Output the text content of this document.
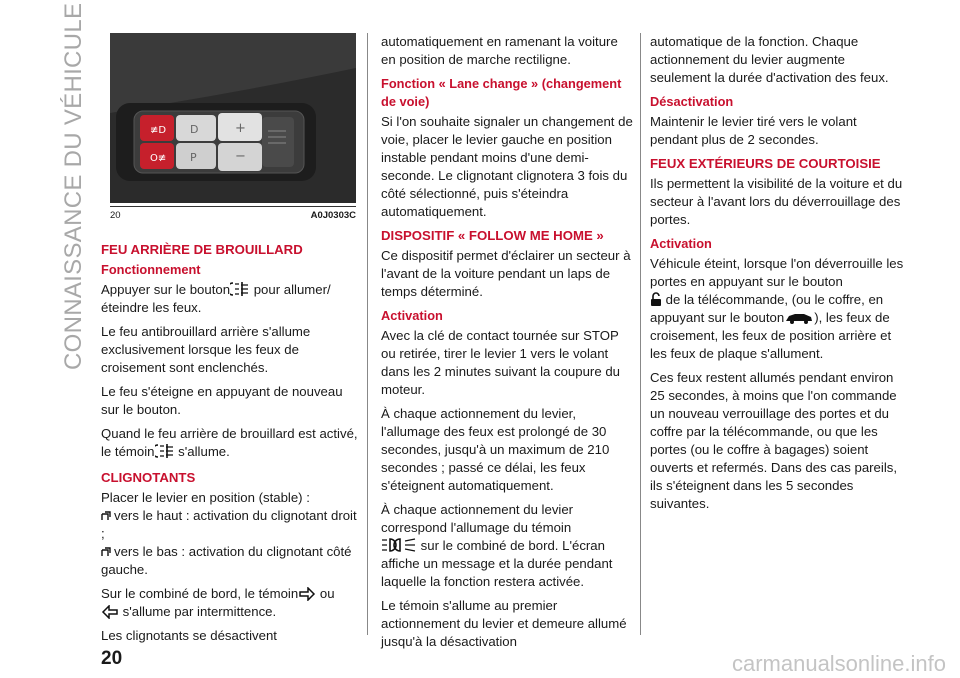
CONNAISSANCE DU VÉHICULE	≢D
O≢
D
P
+
−
20	A0J0303C
FEU ARRIÈRE DE BROUILLARD
Fonctionnement

Appuyer sur le bouton pour allumer/éteindre les feux.

Le feu antibrouillard arrière s'allume exclusivement lorsque les feux de croisement sont enclenchés.

Le feu s'éteigne en appuyant de nouveau sur le bouton.

Quand le feu arrière de brouillard est activé, le témoin s'allume.

CLIGNOTANTS

Placer le levier en position (stable) :

vers le haut : activation du clignotant droit ;

vers le bas : activation du clignotant côté gauche.

Sur le combiné de bord, le témoin ou
s'allume par intermittence.

Les clignotants se désactivent

automatiquement en ramenant la voiture en position de marche rectiligne.

Fonction « Lane change » (changement de voie)

Si l'on souhaite signaler un changement de voie, placer le levier gauche en position instable pendant moins d'une demi-seconde. Le clignotant clignotera 3 fois du côté sélectionné, puis s'éteindra automatiquement.

DISPOSITIF « FOLLOW ME HOME »

Ce dispositif permet d'éclairer un secteur à l'avant de la voiture pendant un laps de temps déterminé.

Activation

Avec la clé de contact tournée sur STOP ou retirée, tirer le levier 1 vers le volant dans les 2 minutes suivant la coupure du moteur.

À chaque actionnement du levier, l'allumage des feux est prolongé de 30 secondes, jusqu'à un maximum de 210 secondes ; passé ce délai, les feux s'éteignent automatiquement.

À chaque actionnement du levier correspond l'allumage du témoin
sur le combiné de bord. L'écran affiche un message et la durée pendant laquelle la fonction restera activée.

Le témoin s'allume au premier actionnement du levier et demeure allumé jusqu'à la désactivation

automatique de la fonction. Chaque actionnement du levier augmente seulement la durée d'activation des feux.

Désactivation

Maintenir le levier tiré vers le volant pendant plus de 2 secondes.

FEUX EXTÉRIEURS DE COURTOISIE

Ils permettent la visibilité de la voiture et du secteur à l'avant lors du déverrouillage des portes.

Activation

Véhicule éteint, lorsque l'on déverrouille les portes en appuyant sur le bouton
de la télécommande, (ou le coffre, en appuyant sur le bouton ), les feux de croisement, les feux de position arrière et les feux de plaque s'allument.

Ces feux restent allumés pendant environ 25 secondes, à moins que l'on commande un nouveau verrouillage des portes et du coffre par la télécommande, ou que les portes (ou le coffre à bagages) soient ouverts et refermés. Dans des cas pareils, ils s'éteignent dans les 5 secondes suivantes.

20	carmanualsonline.info
